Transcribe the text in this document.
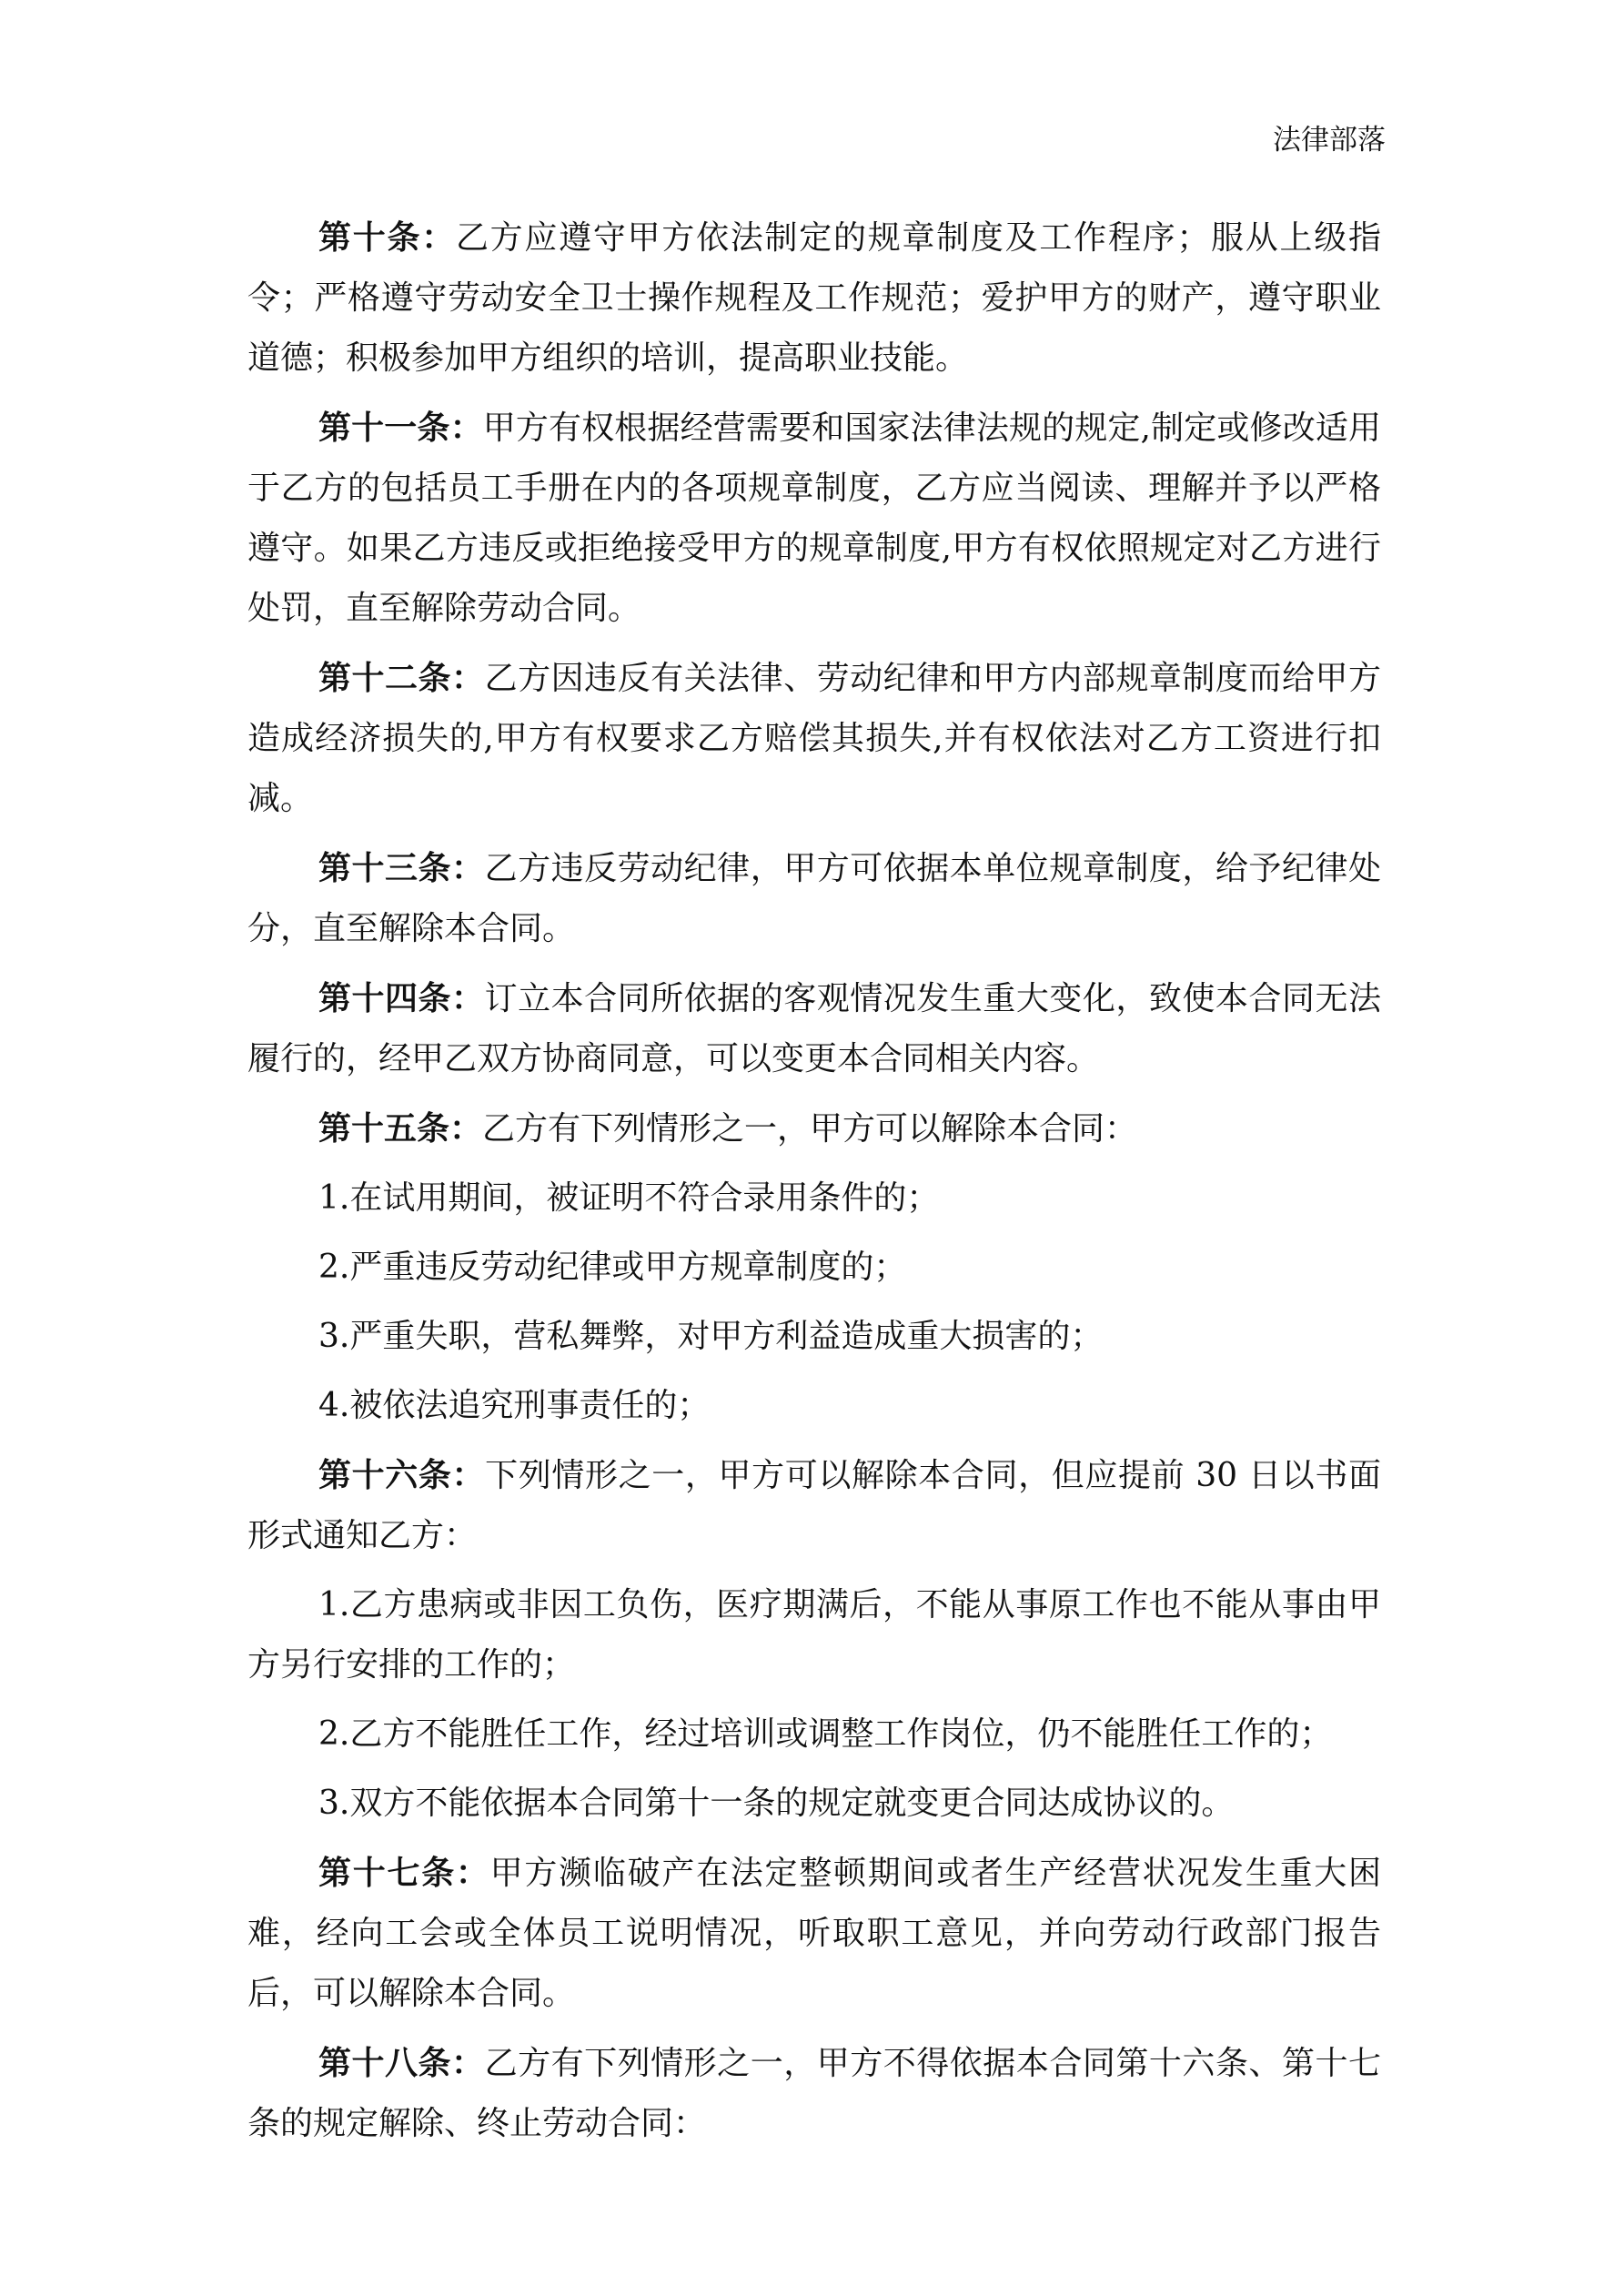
法律部落

第十条：乙方应遵守甲方依法制定的规章制度及工作程序；服从上级指令；严格遵守劳动安全卫士操作规程及工作规范；爱护甲方的财产，遵守职业道德；积极参加甲方组织的培训，提高职业技能。

第十一条：甲方有权根据经营需要和国家法律法规的规定,制定或修改适用于乙方的包括员工手册在内的各项规章制度，乙方应当阅读、理解并予以严格遵守。如果乙方违反或拒绝接受甲方的规章制度,甲方有权依照规定对乙方进行处罚，直至解除劳动合同。

第十二条：乙方因违反有关法律、劳动纪律和甲方内部规章制度而给甲方造成经济损失的,甲方有权要求乙方赔偿其损失,并有权依法对乙方工资进行扣减。

第十三条：乙方违反劳动纪律，甲方可依据本单位规章制度，给予纪律处分，直至解除本合同。

第十四条：订立本合同所依据的客观情况发生重大变化，致使本合同无法履行的，经甲乙双方协商同意，可以变更本合同相关内容。

第十五条：乙方有下列情形之一，甲方可以解除本合同：

1.在试用期间，被证明不符合录用条件的；

2.严重违反劳动纪律或甲方规章制度的；

3.严重失职，营私舞弊，对甲方利益造成重大损害的；

4.被依法追究刑事责任的；

第十六条：下列情形之一，甲方可以解除本合同，但应提前 30 日以书面形式通知乙方：

1.乙方患病或非因工负伤，医疗期满后，不能从事原工作也不能从事由甲方另行安排的工作的；

2.乙方不能胜任工作，经过培训或调整工作岗位，仍不能胜任工作的；

3.双方不能依据本合同第十一条的规定就变更合同达成协议的。

第十七条：甲方濒临破产在法定整顿期间或者生产经营状况发生重大困难，经向工会或全体员工说明情况，听取职工意见，并向劳动行政部门报告后，可以解除本合同。

第十八条：乙方有下列情形之一，甲方不得依据本合同第十六条、第十七条的规定解除、终止劳动合同：
